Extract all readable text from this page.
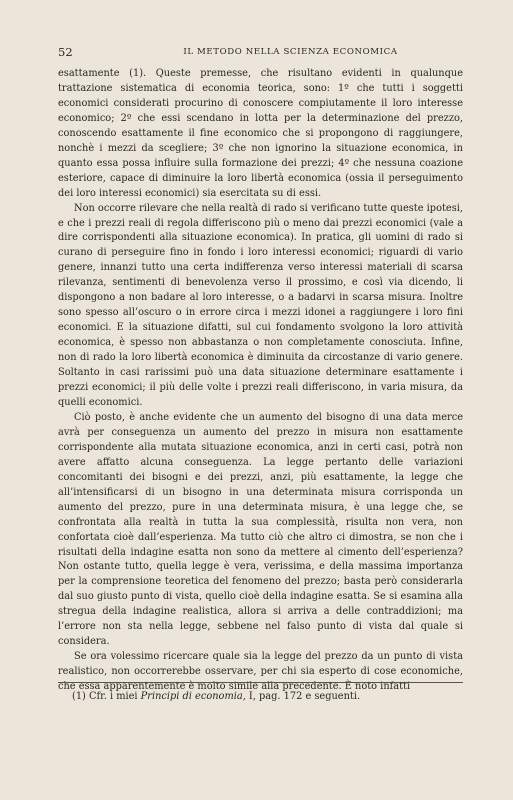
52	IL METODO NELLA SCIENZA ECONOMICA

esattamente (1). Queste premesse, che risultano evidenti in qualunque trattazione sistematica di economia teorica, sono: 1º che tutti i soggetti economici considerati procurino di conoscere compiutamente il loro interesse economico; 2º che essi scendano in lotta per la determinazione del prezzo, conoscendo esattamente il fine economico che si propongono di raggiungere, nonchè i mezzi da scegliere; 3º che non ignorino la situazione economica, in quanto essa possa influire sulla formazione dei prezzi; 4º che nessuna coazione esteriore, capace di diminuire la loro libertà economica (ossia il perseguimento dei loro interessi economici) sia esercitata su di essi.

Non occorre rilevare che nella realtà di rado si verificano tutte queste ipotesi, e che i prezzi reali di regola differiscono più o meno dai prezzi economici (vale a dire corrispondenti alla situazione economica). In pratica, gli uomini di rado si curano di perseguire fino in fondo i loro interessi economici; riguardi di vario genere, innanzi tutto una certa indifferenza verso interessi materiali di scarsa rilevanza, sentimenti di benevolenza verso il prossimo, e così via dicendo, li dispongono a non badare al loro interesse, o a badarvi in scarsa misura. Inoltre sono spesso all’oscuro o in errore circa i mezzi idonei a raggiungere i loro fini economici. E la situazione difatti, sul cui fondamento svolgono la loro attività economica, è spesso non abbastanza o non completamente conosciuta. Infine, non di rado la loro libertà economica è diminuita da circostanze di vario genere. Soltanto in casi rarissimi può una data situazione determinare esattamente i prezzi economici; il più delle volte i prezzi reali differiscono, in varia misura, da quelli economici.

Ciò posto, è anche evidente che un aumento del bisogno di una data merce avrà per conseguenza un aumento del prezzo in misura non esattamente corrispondente alla mutata situazione economica, anzi in certi casi, potrà non avere affatto alcuna conseguenza. La legge pertanto delle variazioni concomitanti dei bisogni e dei prezzi, anzi, più esattamente, la legge che all’intensificarsi di un bisogno in una determinata misura corrisponda un aumento del prezzo, pure in una determinata misura, è una legge che, se confrontata alla realtà in tutta la sua complessità, risulta non vera, non confortata cioè dall’esperienza. Ma tutto ciò che altro ci dimostra, se non che i risultati della indagine esatta non sono da mettere al cimento dell’esperienza? Non ostante tutto, quella legge è vera, verissima, e della massima importanza per la comprensione teoretica del fenomeno del prezzo; basta però considerarla dal suo giusto punto di vista, quello cioè della indagine esatta. Se si esamina alla stregua della indagine realistica, allora si arriva a delle contraddizioni; ma l’errore non sta nella legge, sebbene nel falso punto di vista dal quale si considera.

Se ora volessimo ricercare quale sia la legge del prezzo da un punto di vista realistico, non occorrerebbe osservare, per chi sia esperto di cose economiche, che essa apparentemente è molto simile alla precedente. È noto infatti

(1) Cfr. i miei Principi di economia, I, pag. 172 e seguenti.
